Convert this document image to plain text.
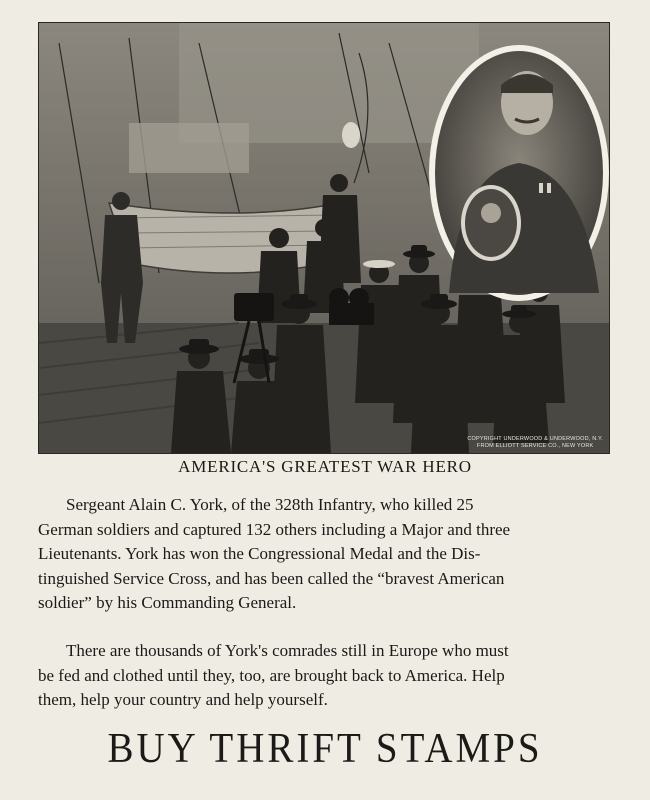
COPYRIGHT UNDERWOOD & UNDERWOOD, N.Y.
FROM ELLIOTT SERVICE CO., NEW YORK
AMERICA'S GREATEST WAR HERO
Sergeant Alain C. York, of the 328th Infantry, who killed 25
German soldiers and captured 132 others including a Major and three
Lieutenants. York has won the Congressional Medal and the Dis-
tinguished Service Cross, and has been called the “bravest American
soldier” by his Commanding General.
There are thousands of York's comrades still in Europe who must
be fed and clothed until they, too, are brought back to America. Help
them, help your country and help yourself.
BUY THRIFT STAMPS
